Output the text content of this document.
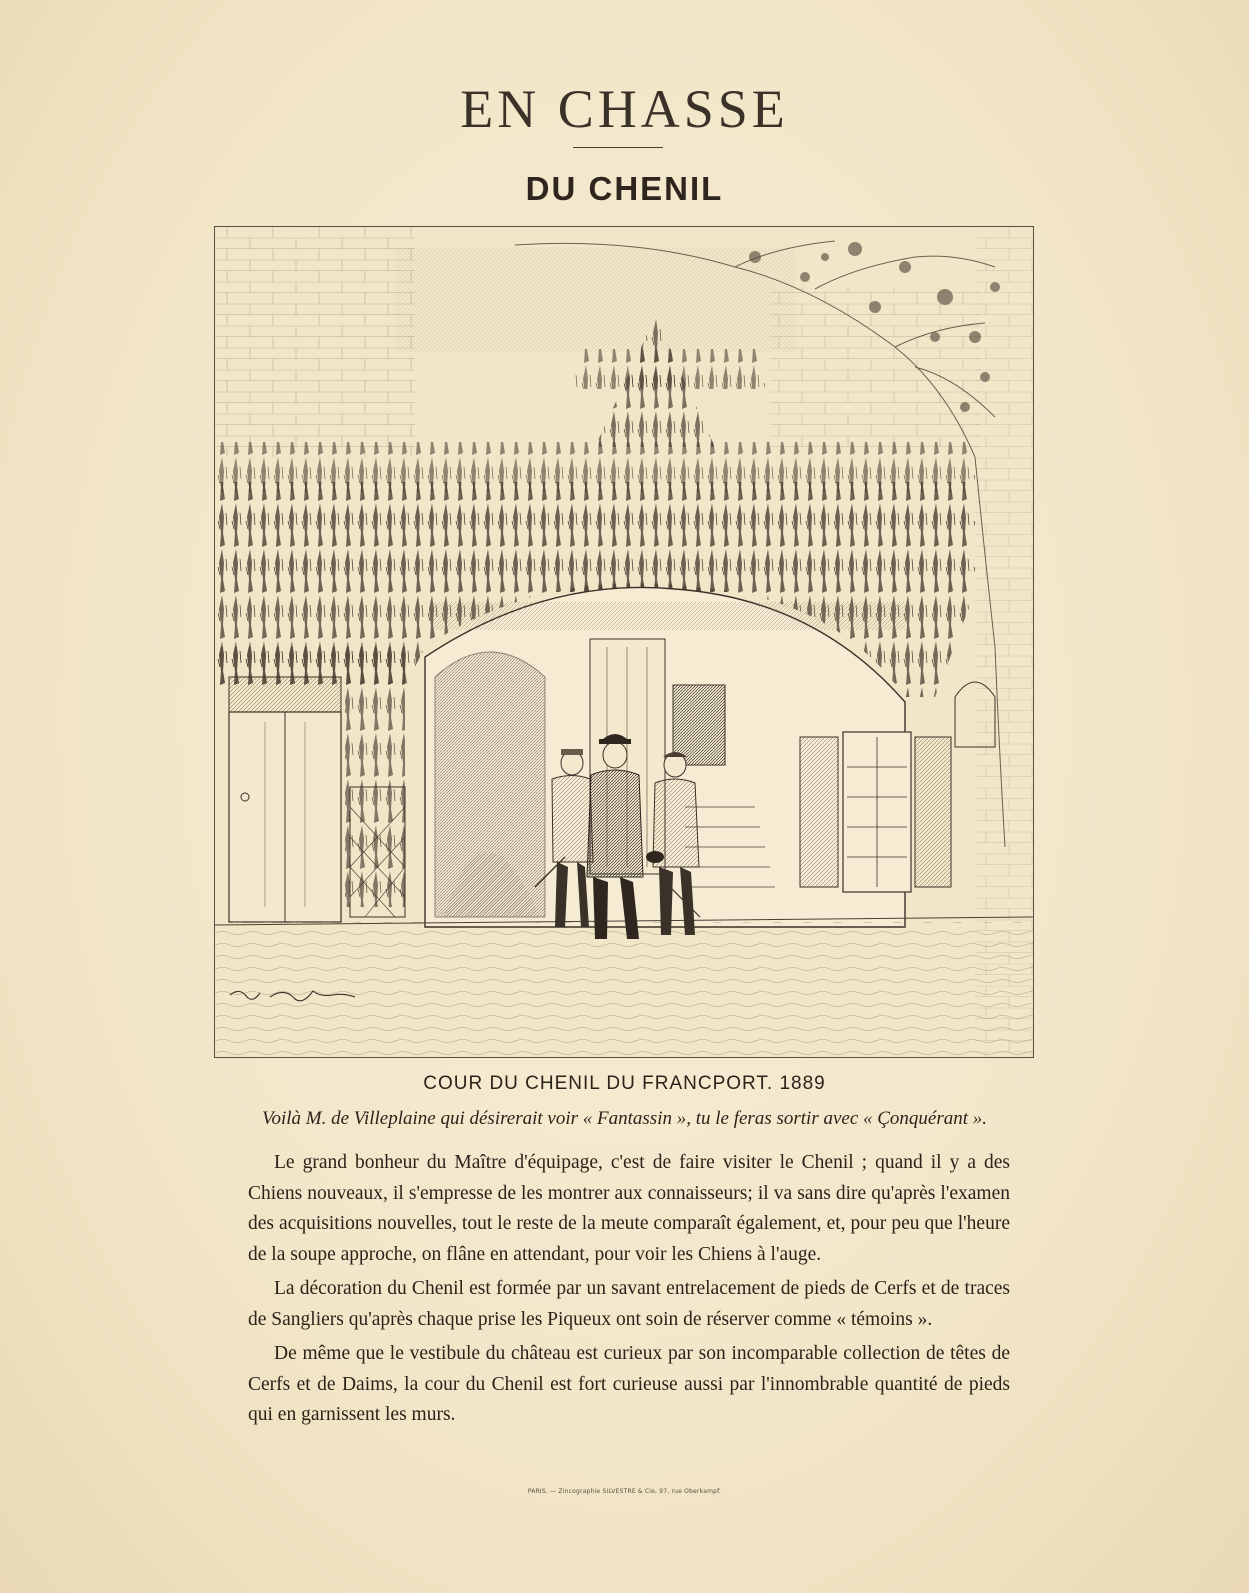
EN CHASSE
DU CHENIL
COUR DU CHENIL DU FRANCPORT. 1889
Voilà M. de Villeplaine qui désirerait voir « Fantassin », tu le feras sortir avec « Çonquérant ».

Le grand bonheur du Maître d'équipage, c'est de faire visiter le Chenil ; quand il y a des Chiens nouveaux, il s'empresse de les montrer aux connaisseurs; il va sans dire qu'après l'examen des acquisitions nouvelles, tout le reste de la meute comparaît également, et, pour peu que l'heure de la soupe approche, on flâne en attendant, pour voir les Chiens à l'auge.

La décoration du Chenil est formée par un savant entrelacement de pieds de Cerfs et de traces de Sangliers qu'après chaque prise les Piqueux ont soin de réserver comme « témoins ».

De même que le vestibule du château est curieux par son incomparable collection de têtes de Cerfs et de Daims, la cour du Chenil est fort curieuse aussi par l'innombrable quantité de pieds qui en garnissent les murs.

PARIS. — Zincographie SILVESTRE & Cie, 97, rue Oberkampf.
